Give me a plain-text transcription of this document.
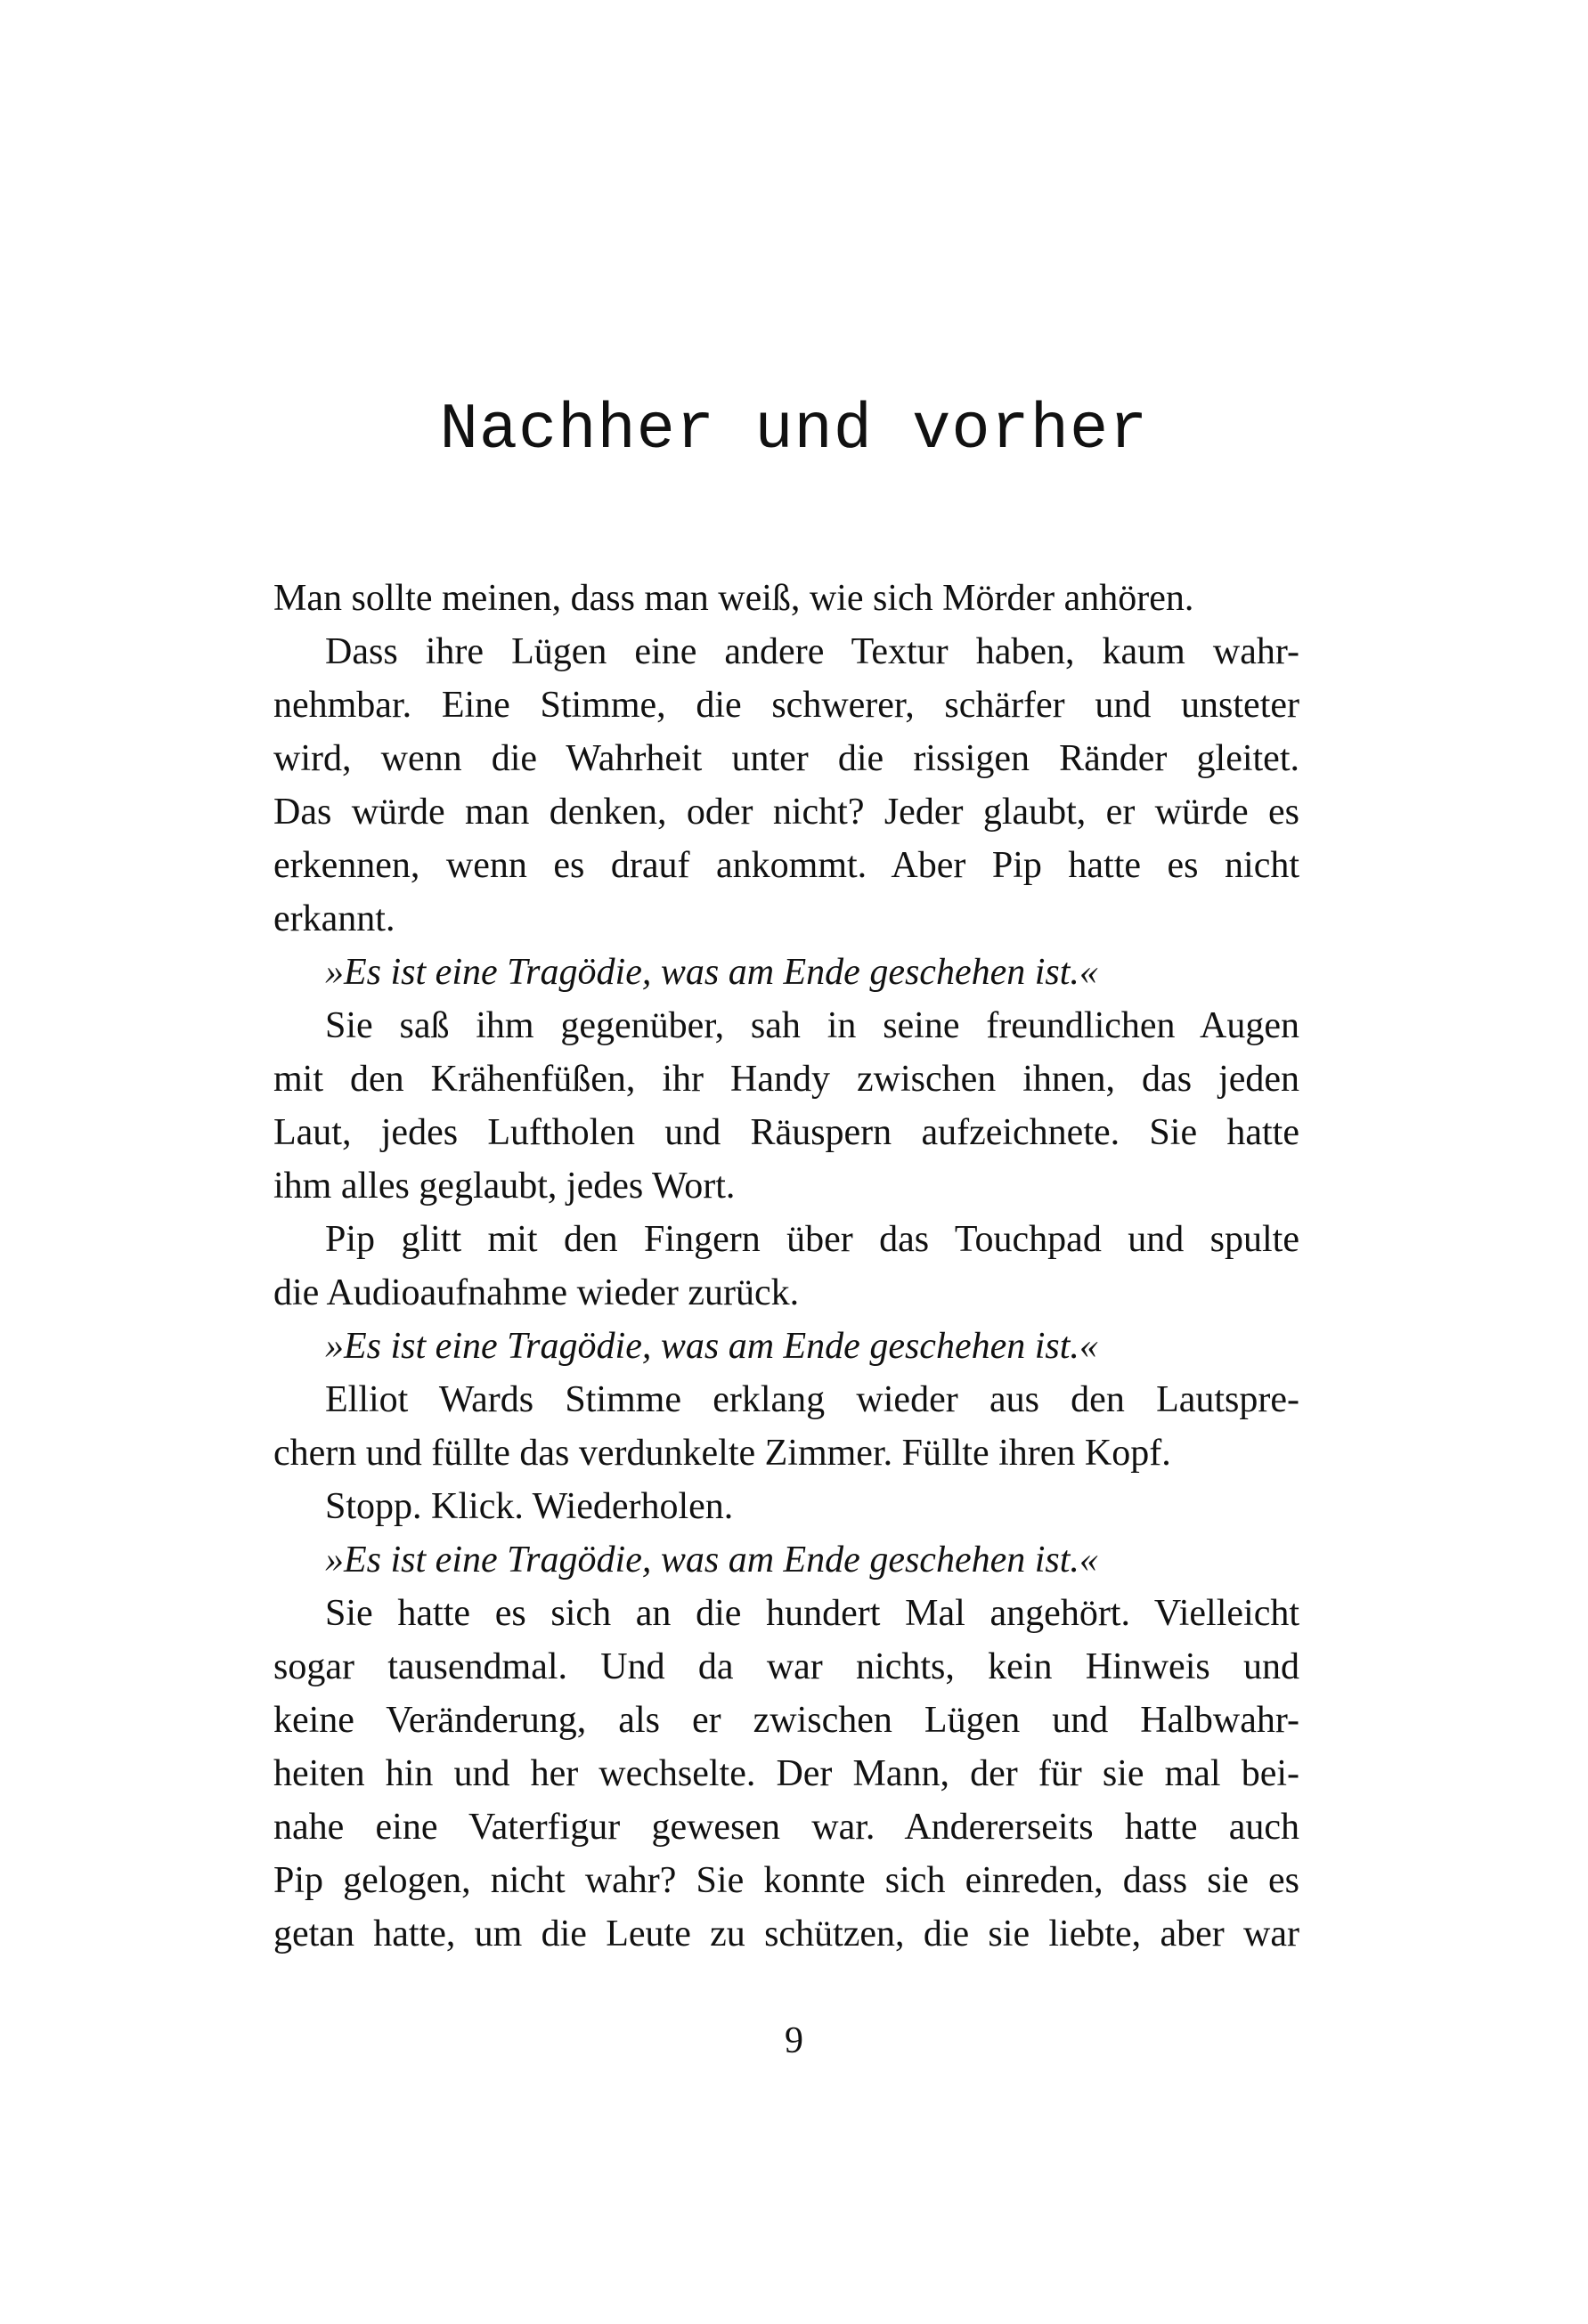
Nachher und vorher
Man sollte meinen, dass man weiß, wie sich Mörder anhören.
Dass ihre Lügen eine andere Textur haben, kaum wahr-
nehmbar. Eine Stimme, die schwerer, schärfer und unsteter
wird, wenn die Wahrheit unter die rissigen Ränder gleitet.
Das würde man denken, oder nicht? Jeder glaubt, er würde es
erkennen, wenn es drauf ankommt. Aber Pip hatte es nicht
erkannt.
»Es ist eine Tragödie, was am Ende geschehen ist.«
Sie saß ihm gegenüber, sah in seine freundlichen Augen
mit den Krähenfüßen, ihr Handy zwischen ihnen, das jeden
Laut, jedes Luftholen und Räuspern aufzeichnete. Sie hatte
ihm alles geglaubt, jedes Wort.
Pip glitt mit den Fingern über das Touchpad und spulte
die Audioaufnahme wieder zurück.
»Es ist eine Tragödie, was am Ende geschehen ist.«
Elliot Wards Stimme erklang wieder aus den Lautspre-
chern und füllte das verdunkelte Zimmer. Füllte ihren Kopf.
Stopp. Klick. Wiederholen.
»Es ist eine Tragödie, was am Ende geschehen ist.«
Sie hatte es sich an die hundert Mal angehört. Vielleicht
sogar tausendmal. Und da war nichts, kein Hinweis und
keine Veränderung, als er zwischen Lügen und Halbwahr-
heiten hin und her wechselte. Der Mann, der für sie mal bei-
nahe eine Vaterfigur gewesen war. Andererseits hatte auch
Pip gelogen, nicht wahr? Sie konnte sich einreden, dass sie es
getan hatte, um die Leute zu schützen, die sie liebte, aber war
9
